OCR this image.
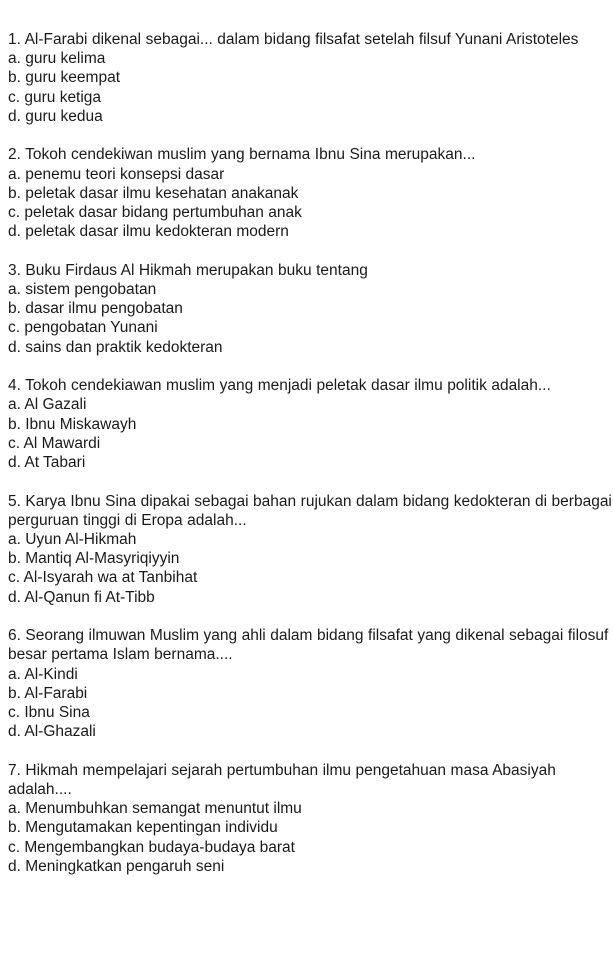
1. Al-Farabi dikenal sebagai... dalam bidang filsafat setelah filsuf Yunani Aristoteles
a. guru kelima
b. guru keempat
c. guru ketiga
d. guru kedua
2. Tokoh cendekiwan muslim yang bernama Ibnu Sina merupakan...
a. penemu teori konsepsi dasar
b. peletak dasar ilmu kesehatan anakanak
c. peletak dasar bidang pertumbuhan anak
d. peletak dasar ilmu kedokteran modern
3. Buku Firdaus Al Hikmah merupakan buku tentang
a. sistem pengobatan
b. dasar ilmu pengobatan
c. pengobatan Yunani
d. sains dan praktik kedokteran
4. Tokoh cendekiawan muslim yang menjadi peletak dasar ilmu politik adalah...
a. Al Gazali
b. Ibnu Miskawayh
c. Al Mawardi
d. At Tabari
5. Karya Ibnu Sina dipakai sebagai bahan rujukan dalam bidang kedokteran di berbagai perguruan tinggi di Eropa adalah...
a. Uyun Al-Hikmah
b. Mantiq Al-Masyriqiyyin
c. Al-Isyarah wa at Tanbihat
d. Al-Qanun fi At-Tibb
6. Seorang ilmuwan Muslim yang ahli dalam bidang filsafat yang dikenal sebagai filosuf besar pertama Islam bernama....
a. Al-Kindi
b. Al-Farabi
c. Ibnu Sina
d. Al-Ghazali
7. Hikmah mempelajari sejarah pertumbuhan ilmu pengetahuan masa Abasiyah adalah....
a. Menumbuhkan semangat menuntut ilmu
b. Mengutamakan kepentingan individu
c. Mengembangkan budaya-budaya barat
d. Meningkatkan pengaruh seni
